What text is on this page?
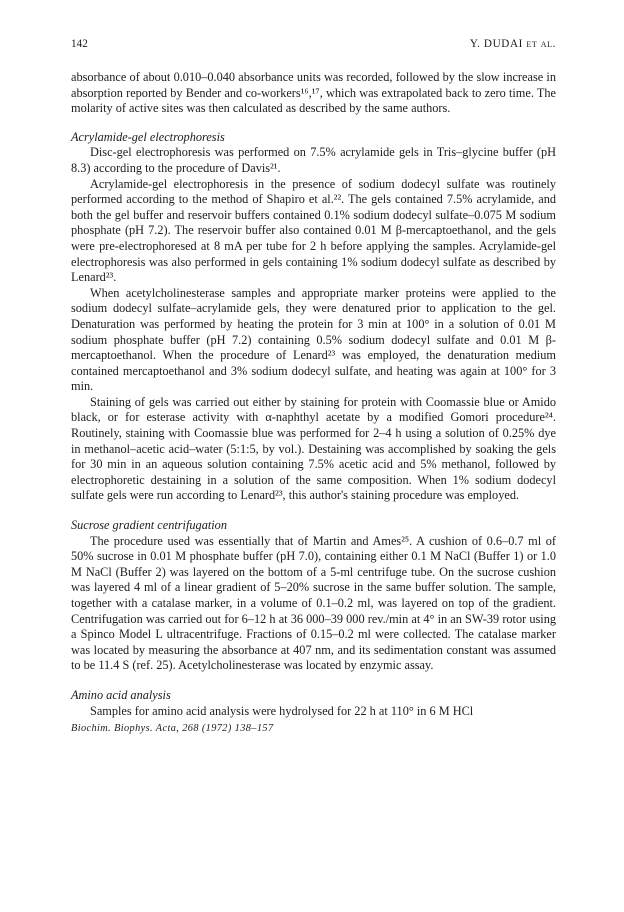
142	Y. DUDAI et al.

absorbance of about 0.010–0.040 absorbance units was recorded, followed by the slow increase in absorption reported by Bender and co-workers¹⁶,¹⁷, which was extrapolated back to zero time. The molarity of active sites was then calculated as described by the same authors.

Acrylamide-gel electrophoresis

Disc-gel electrophoresis was performed on 7.5% acrylamide gels in Tris–glycine buffer (pH 8.3) according to the procedure of Davis²¹.

Acrylamide-gel electrophoresis in the presence of sodium dodecyl sulfate was routinely performed according to the method of Shapiro et al.²². The gels contained 7.5% acrylamide, and both the gel buffer and reservoir buffers contained 0.1% sodium dodecyl sulfate–0.075 M sodium phosphate (pH 7.2). The reservoir buffer also contained 0.01 M β-mercaptoethanol, and the gels were pre-electrophoresed at 8 mA per tube for 2 h before applying the samples. Acrylamide-gel electrophoresis was also performed in gels containing 1% sodium dodecyl sulfate as described by Lenard²³.

When acetylcholinesterase samples and appropriate marker proteins were applied to the sodium dodecyl sulfate–acrylamide gels, they were denatured prior to application to the gel. Denaturation was performed by heating the protein for 3 min at 100° in a solution of 0.01 M sodium phosphate buffer (pH 7.2) containing 0.5% sodium dodecyl sulfate and 0.01 M β-mercaptoethanol. When the procedure of Lenard²³ was employed, the denaturation medium contained mercaptoethanol and 3% sodium dodecyl sulfate, and heating was again at 100° for 3 min.

Staining of gels was carried out either by staining for protein with Coomassie blue or Amido black, or for esterase activity with α-naphthyl acetate by a modified Gomori procedure²⁴. Routinely, staining with Coomassie blue was performed for 2–4 h using a solution of 0.25% dye in methanol–acetic acid–water (5:1:5, by vol.). Destaining was accomplished by soaking the gels for 30 min in an aqueous solution containing 7.5% acetic acid and 5% methanol, followed by electrophoretic destaining in a solution of the same composition. When 1% sodium dodecyl sulfate gels were run according to Lenard²³, this author's staining procedure was employed.

Sucrose gradient centrifugation

The procedure used was essentially that of Martin and Ames²⁵. A cushion of 0.6–0.7 ml of 50% sucrose in 0.01 M phosphate buffer (pH 7.0), containing either 0.1 M NaCl (Buffer 1) or 1.0 M NaCl (Buffer 2) was layered on the bottom of a 5-ml centrifuge tube. On the sucrose cushion was layered 4 ml of a linear gradient of 5–20% sucrose in the same buffer solution. The sample, together with a catalase marker, in a volume of 0.1–0.2 ml, was layered on top of the gradient. Centrifugation was carried out for 6–12 h at 36 000–39 000 rev./min at 4° in an SW-39 rotor using a Spinco Model L ultracentrifuge. Fractions of 0.15–0.2 ml were collected. The catalase marker was located by measuring the absorbance at 407 nm, and its sedimentation constant was assumed to be 11.4 S (ref. 25). Acetylcholinesterase was located by enzymic assay.

Amino acid analysis

Samples for amino acid analysis were hydrolysed for 22 h at 110° in 6 M HCl

Biochim. Biophys. Acta, 268 (1972) 138–157
